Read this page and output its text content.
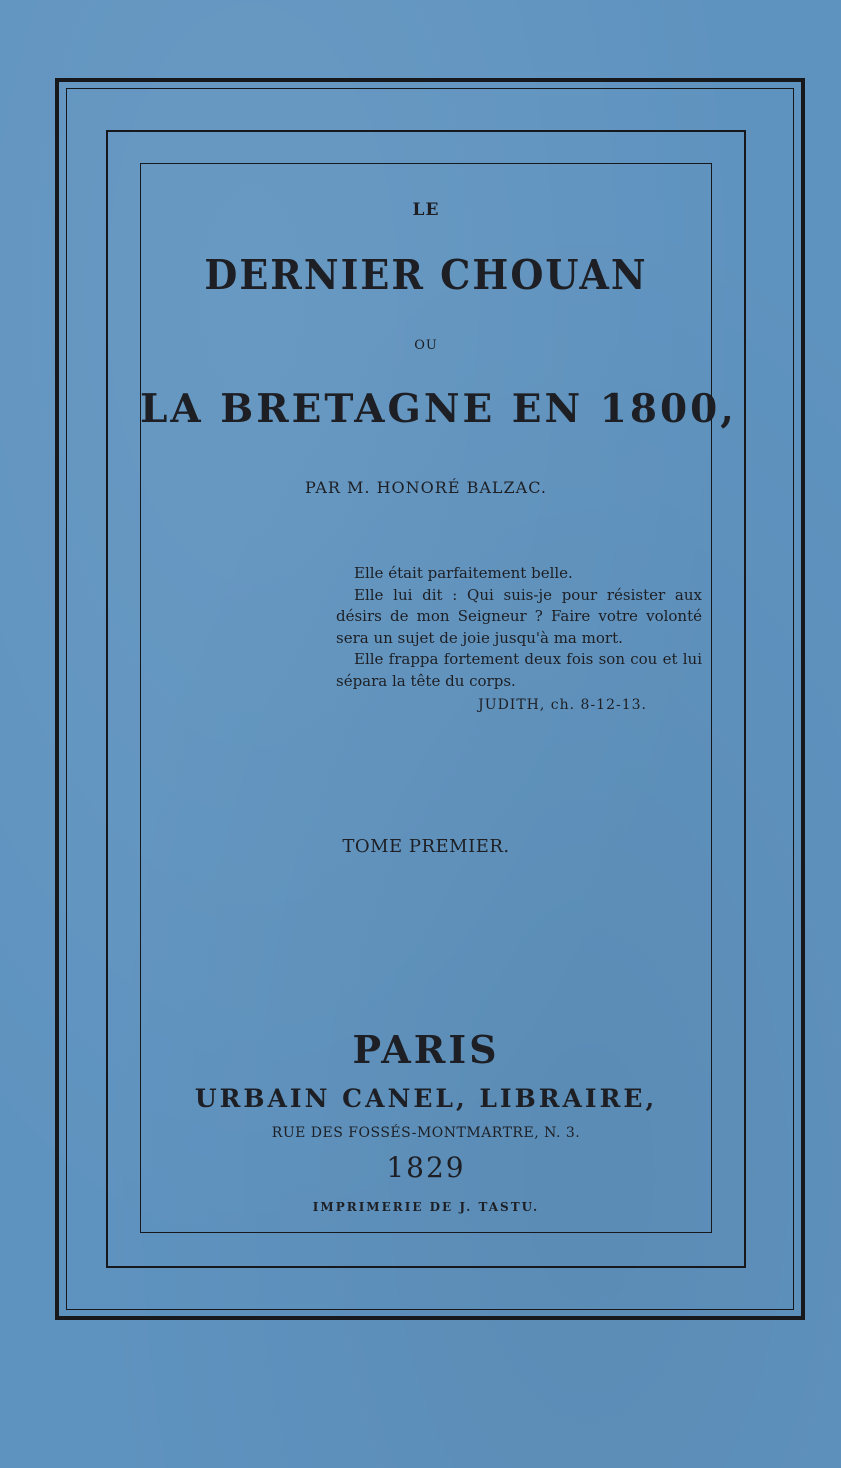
LE
DERNIER CHOUAN
OU
LA BRETAGNE EN 1800,
PAR M. HONORÉ BALZAC.

Elle était parfaitement belle.

Elle lui dit : Qui suis-je pour résister aux désirs de mon Seigneur ? Faire votre volonté sera un sujet de joie jusqu'à ma mort.

Elle frappa fortement deux fois son cou et lui sépara la tête du corps.

JUDITH, ch. 8-12-13.

TOME PREMIER.
PARIS
URBAIN CANEL, LIBRAIRE,
RUE DES FOSSÉS-MONTMARTRE, N. 3.
1829
IMPRIMERIE DE J. TASTU.
